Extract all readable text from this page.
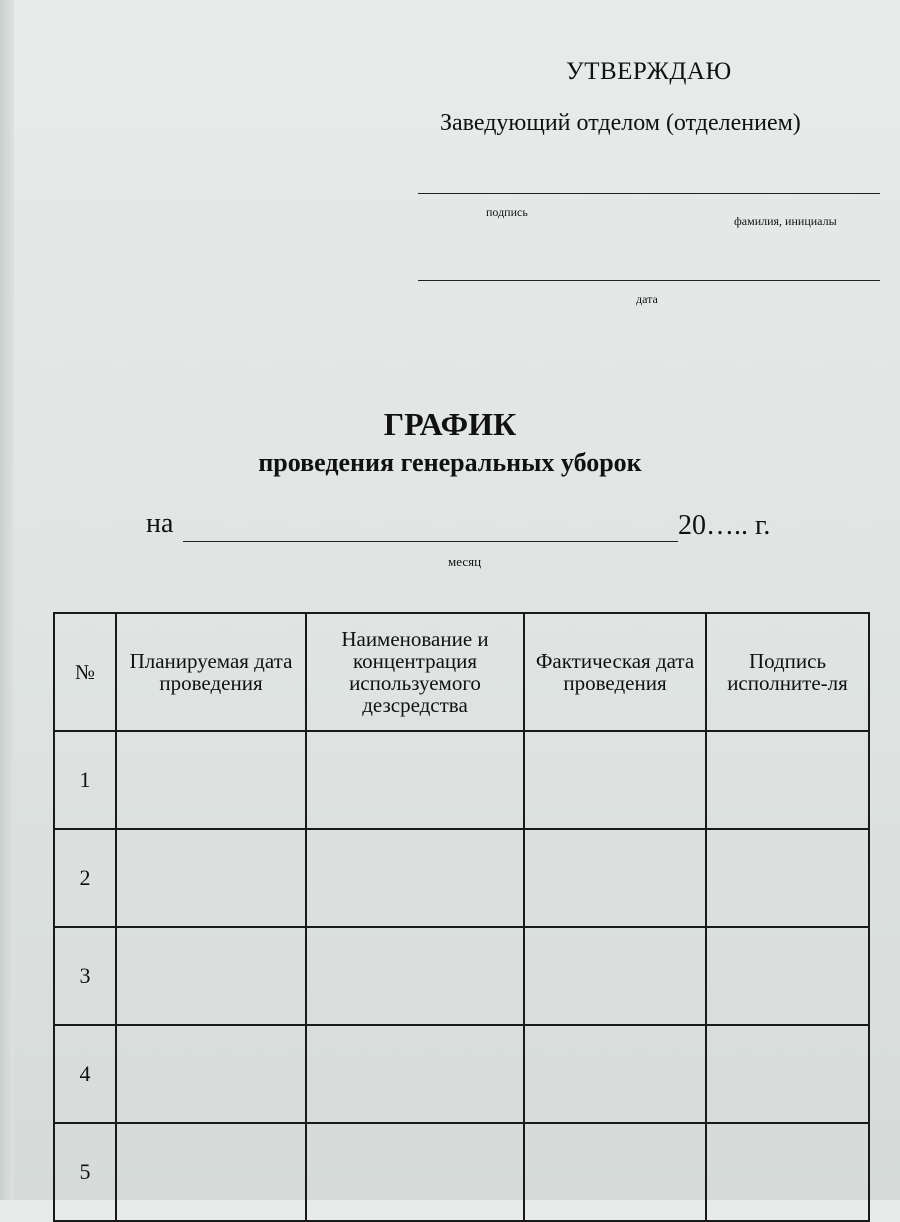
УТВЕРЖДАЮ
Заведующий отделом (отделением)
подпись
фамилия, инициалы
дата
ГРАФИК
проведения генеральных уборок
на	20….. г.
месяц
№	Планируемая дата проведения	Наименование и концентрация используемого дезсредства	Фактическая дата проведения	Подпись исполните-ля
1				
2				
3				
4				
5				
